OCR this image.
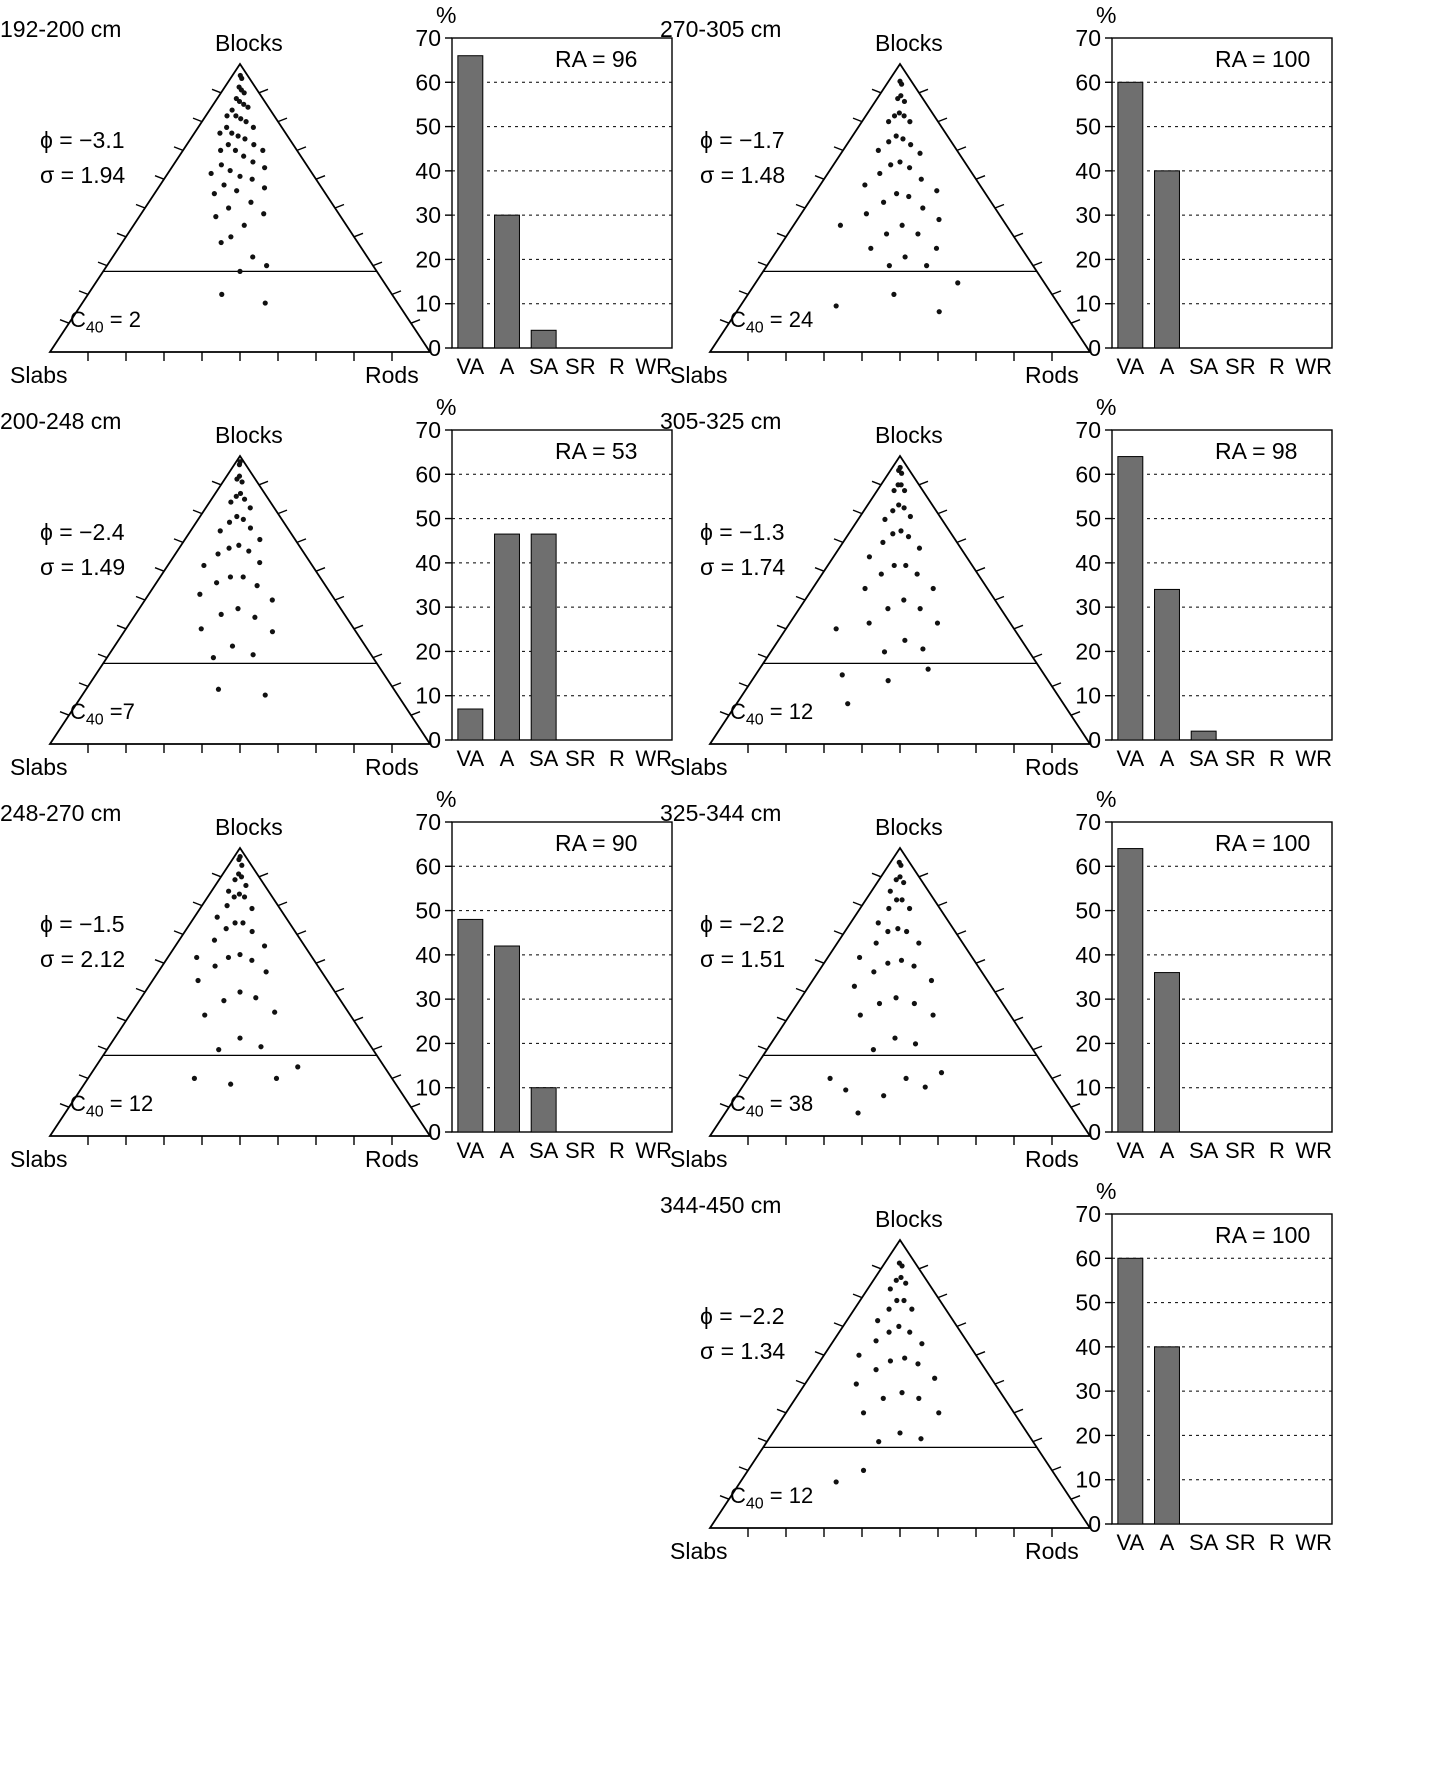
192-200 cm
Blocks
Slabs	Rods
ϕ = −3.1
σ = 1.94
$C_{40} = 2$
0
10
20
30
40
50
60
70
VA A SA SR R WR
%
RA = 96
270-305 cm
Blocks
Slabs	Rods
ϕ = −1.7
σ = 1.48
$C_{40} = 24$
0
10
20
30
40
50
60
70
VA A SA SR R WR
%
RA = 100
200-248 cm
Blocks
Slabs	Rods
ϕ = −2.4
σ = 1.49
$C_{40} =7$
0
10
20
30
40
50
60
70
VA A SA SR R WR
%
RA = 53
305-325 cm
Blocks
Slabs	Rods
ϕ = −1.3
σ = 1.74
$C_{40} = 12$
0
10
20
30
40
50
60
70
VA A SA SR R WR
%
RA = 98
248-270 cm
Blocks
Slabs	Rods
ϕ = −1.5
σ = 2.12
$C_{40} = 12$
0
10
20
30
40
50
60
70
VA A SA SR R WR
%
RA = 90
325-344 cm
Blocks
Slabs	Rods
ϕ = −2.2
σ = 1.51
$C_{40} = 38$
0
10
20
30
40
50
60
70
VA A SA SR R WR
%
RA = 100
344-450 cm
Blocks
Slabs	Rods
ϕ = −2.2
σ = 1.34
$C_{40} = 12$
0
10
20
30
40
50
60
70
VA A SA SR R WR
%
RA = 100
